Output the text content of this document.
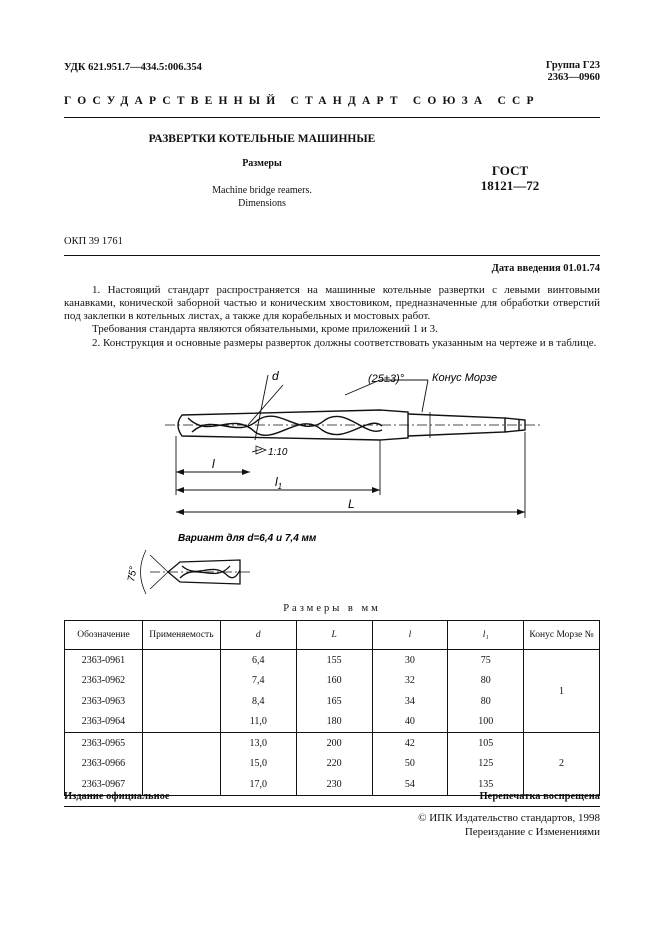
УДК 621.951.7—434.5:006.354	Группа Г23
2363—0960
ГОСУДАРСТВЕННЫЙ СТАНДАРТ СОЮЗА ССР
РАЗВЕРТКИ КОТЕЛЬНЫЕ МАШИННЫЕ
Размеры
Machine bridge reamers.
Dimensions
ГОСТ
18121—72
ОКП 39 1761
Дата введения 01.01.74
1. Настоящий стандарт распространяется на машинные котельные развертки с левыми винтовыми канавками, конической заборной частью и коническим хвостовиком, предназначенные для обработки отверстий под заклепки в котельных листах, а также для корабельных и мостовых работ.
Требования стандарта являются обязательными, кроме приложений 1 и 3.
2. Конструкция и основные размеры разверток должны соответствовать указанным на чертеже и в таблице.
d	(25±3)°	Конус Морзе
1:10
l
$l_1$
L
Вариант для d=6,4 и 7,4 мм
75°
Размеры в мм
Обозначение	Применяемость	d	L	l	l₁	Конус Морзе №
2363-0961		6,4	155	30	75	1
2363-0962		7,4	160	32	80	
2363-0963		8,4	165	34	80	
2363-0964		11,0	180	40	100	
2363-0965		13,0	200	42	105	2
2363-0966		15,0	220	50	125	
2363-0967		17,0	230	54	135	
Издание официальное	Перепечатка воспрещена
© ИПК Издательство стандартов, 1998
Переиздание с Изменениями
